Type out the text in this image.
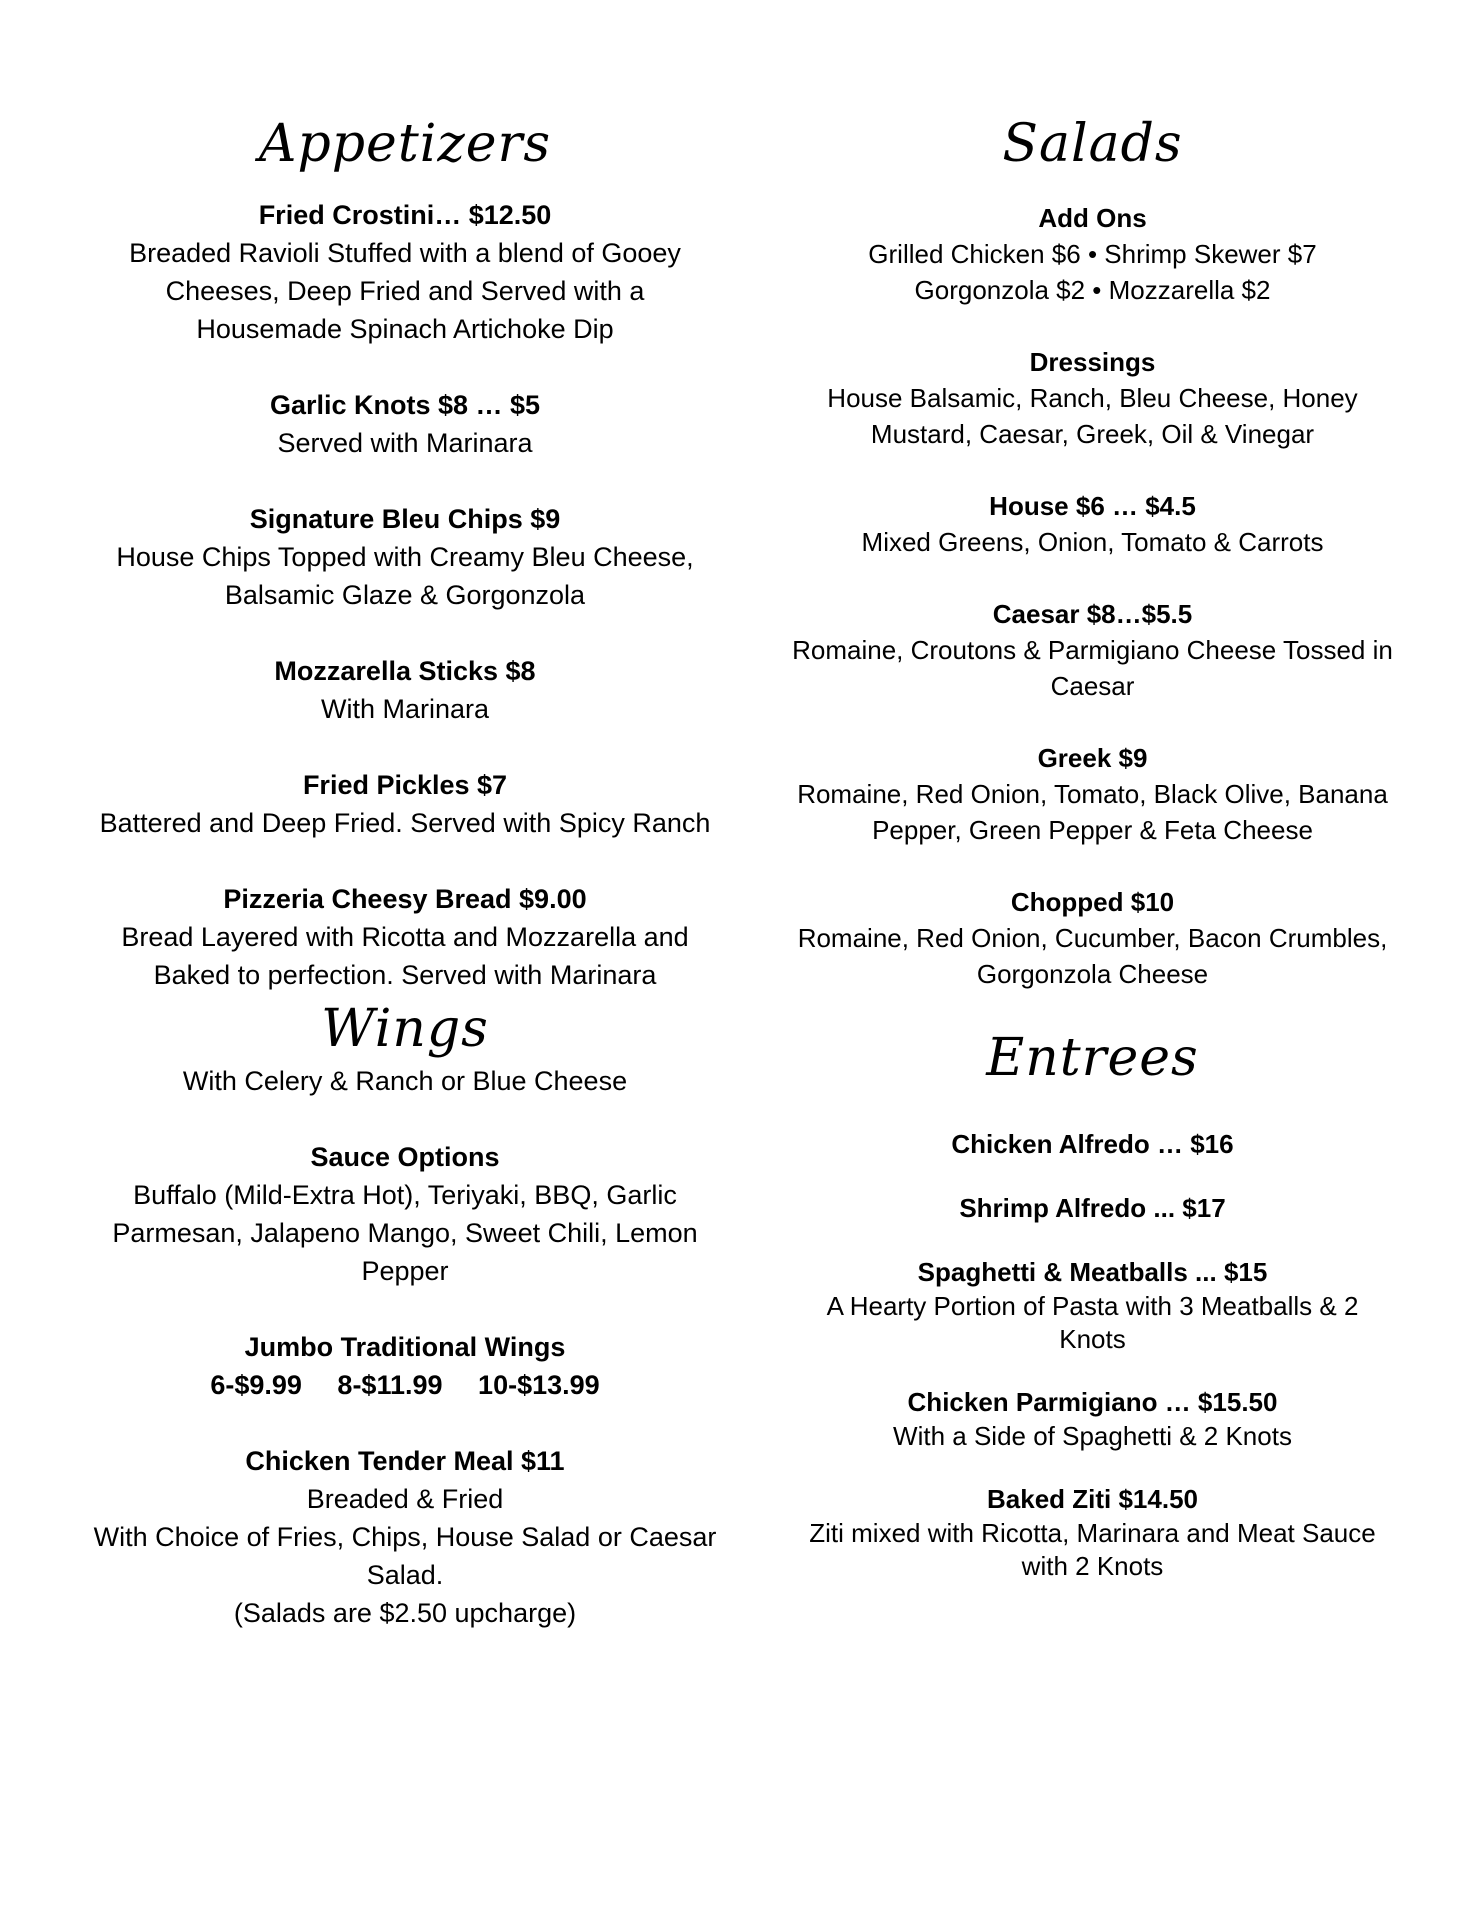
Appetizers
Fried Crostini… $12.50

Breaded Ravioli Stuffed with a blend of Gooey

Cheeses, Deep Fried and Served with a

Housemade Spinach Artichoke Dip

Garlic Knots $8 … $5

Served with Marinara

Signature Bleu Chips $9

House Chips Topped with Creamy Bleu Cheese,

Balsamic Glaze & Gorgonzola

Mozzarella Sticks $8

With Marinara

Fried Pickles $7

Battered and Deep Fried. Served with Spicy Ranch

Pizzeria Cheesy Bread $9.00

Bread Layered with Ricotta and Mozzarella and

Baked to perfection. Served with Marinara

Wings
With Celery & Ranch or Blue Cheese
Sauce Options

Buffalo (Mild-Extra Hot), Teriyaki, BBQ, Garlic

Parmesan, Jalapeno Mango, Sweet Chili, Lemon

Pepper

Jumbo Traditional Wings
6-$9.99 8-$11.99 10-$13.99
Chicken Tender Meal $11

Breaded & Fried

With Choice of Fries, Chips, House Salad or Caesar

Salad.

(Salads are $2.50 upcharge)

Salads
Add Ons

Grilled Chicken $6 • Shrimp Skewer $7

Gorgonzola $2 • Mozzarella $2

Dressings

House Balsamic, Ranch, Bleu Cheese, Honey

Mustard, Caesar, Greek, Oil & Vinegar

House $6 … $4.5

Mixed Greens, Onion, Tomato & Carrots

Caesar $8…$5.5

Romaine, Croutons & Parmigiano Cheese Tossed in

Caesar

Greek $9

Romaine, Red Onion, Tomato, Black Olive, Banana

Pepper, Green Pepper & Feta Cheese

Chopped $10

Romaine, Red Onion, Cucumber, Bacon Crumbles,

Gorgonzola Cheese

Entrees
Chicken Alfredo … $16
Shrimp Alfredo ... $17
Spaghetti & Meatballs ... $15

A Hearty Portion of Pasta with 3 Meatballs & 2

Knots

Chicken Parmigiano … $15.50

With a Side of Spaghetti & 2 Knots

Baked Ziti $14.50

Ziti mixed with Ricotta, Marinara and Meat Sauce

with 2 Knots
